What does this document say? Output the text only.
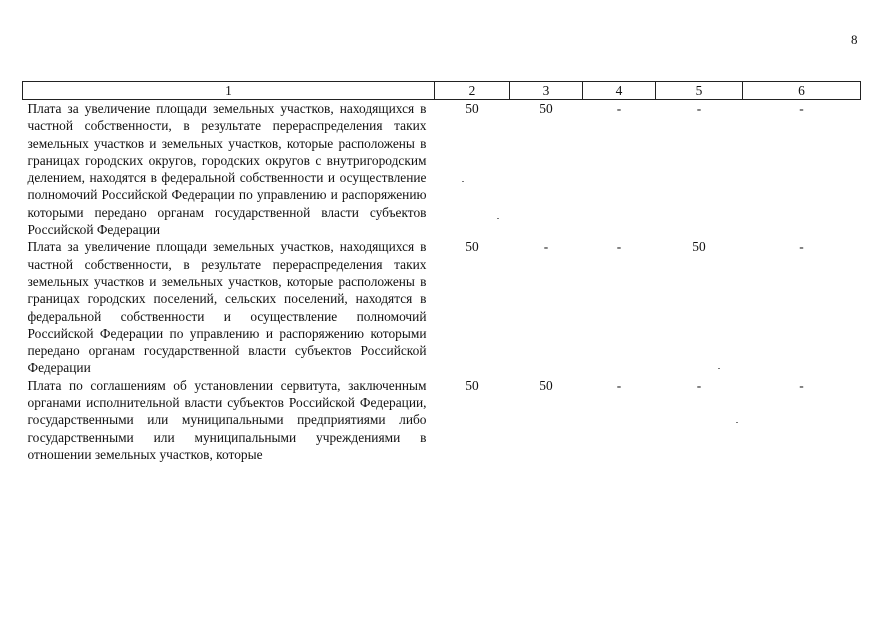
8
1	2	3	4	5	6
Плата за увеличение площади земельных участков, находящихся в частной собственности, в результате перераспределения таких земельных участков и земельных участков, которые расположены в границах городских округов, городских округов с внутригородским делением, находятся в федеральной собственности и осуществление полномочий Российской Федерации по управлению и распоряжению которыми передано органам государственной власти субъектов Российской Федерации	50	50	-	-	-
Плата за увеличение площади земельных участков, находящихся в частной собственности, в результате перераспределения таких земельных участков и земельных участков, которые расположены в границах городских поселений, сельских поселений, находятся в федеральной собственности и осуществление полномочий Российской Федерации по управлению и распоряжению которыми передано органам государственной власти субъектов Российской Федерации	50	-	-	50	-
Плата по соглашениям об установлении сервитута, заключенным органами исполнительной власти субъектов Российской Федерации, государственными или муниципальными предприятиями либо государственными или муниципальными учреждениями в отношении земельных участков, которые	50	50	-	-	-
